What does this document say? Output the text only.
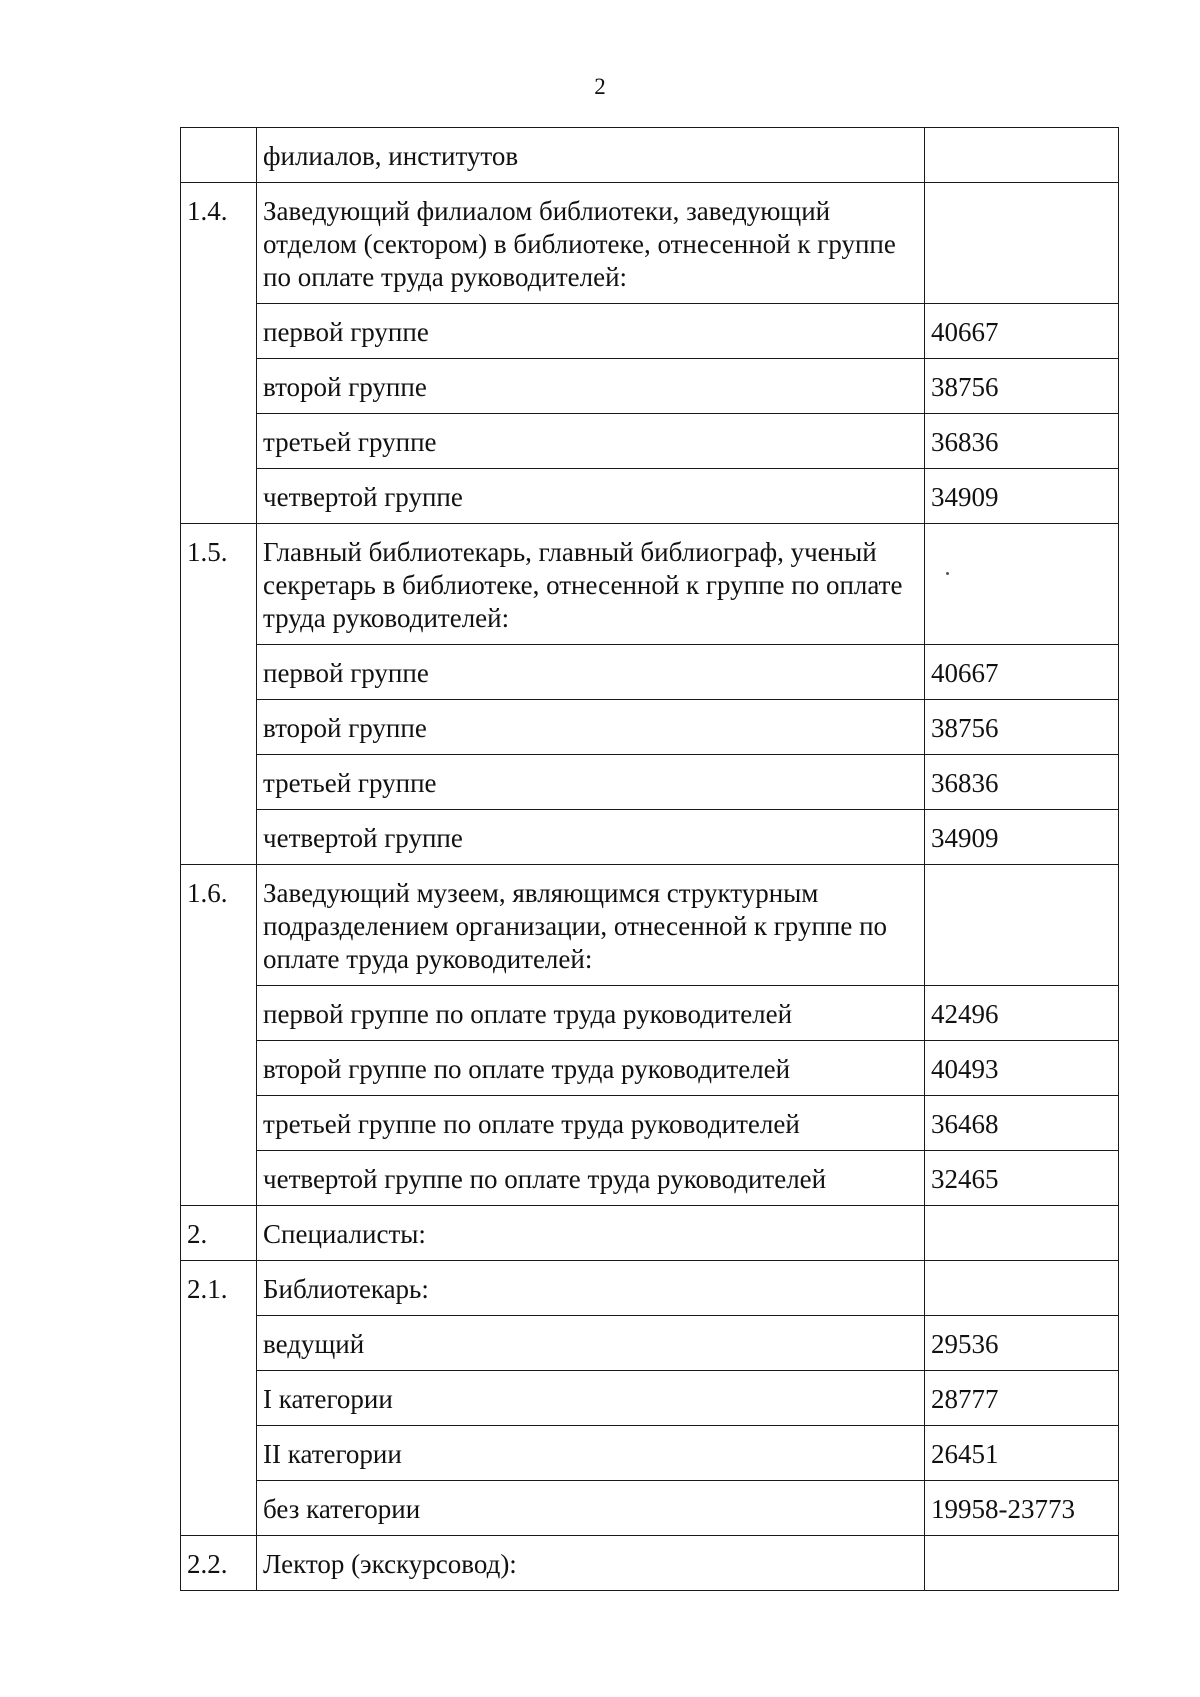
2
	филиалов, институтов	
1.4.	Заведующий филиалом библиотеки, заведующий отделом (сектором) в библиотеке, отнесенной к группе по оплате труда руководителей:	
	первой группе	40667
	второй группе	38756
	третьей группе	36836
	четвертой группе	34909
1.5.	Главный библиотекарь, главный библиограф, ученый секретарь в библиотеке, отнесенной к группе по оплате труда руководителей:	
	первой группе	40667
	второй группе	38756
	третьей группе	36836
	четвертой группе	34909
1.6.	Заведующий музеем, являющимся структурным подразделением организации, отнесенной к группе по оплате труда руководителей:	
	первой группе по оплате труда руководителей	42496
	второй группе по оплате труда руководителей	40493
	третьей группе по оплате труда руководителей	36468
	четвертой группе по оплате труда руководителей	32465
2.	Специалисты:	
2.1.	Библиотекарь:	
	ведущий	29536
	I категории	28777
	II категории	26451
	без категории	19958-23773
2.2.	Лектор (экскурсовод):	
